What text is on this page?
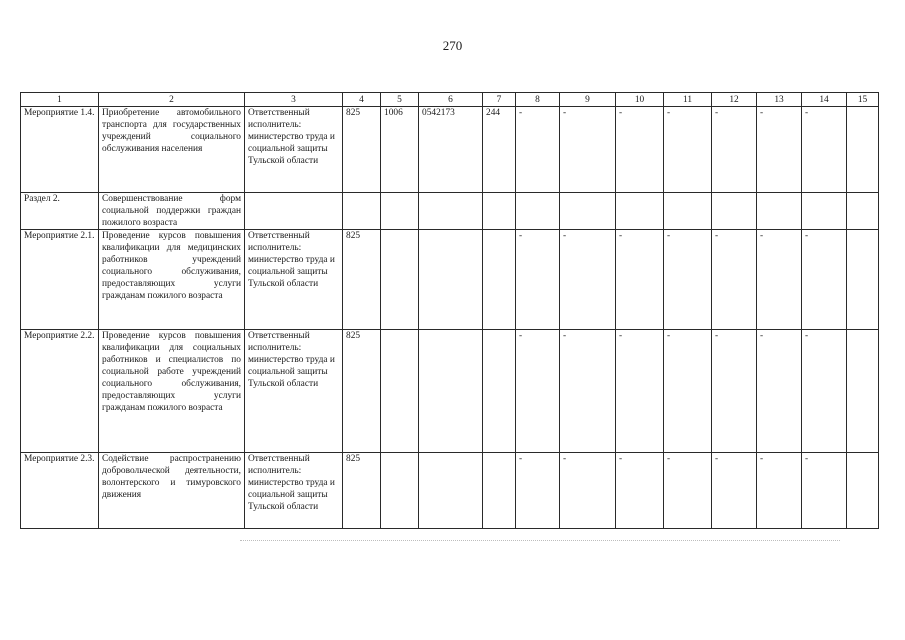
270
1	2	3	4	5	6	7	8	9	10	11	12	13	14	15
Мероприятие 1.4.	Приобретение автомобильного транспорта для государственных учреждений социального обслуживания населения	Ответственный исполнитель: министерство труда и социальной защиты Тульской области	825	1006	0542173	244	-	-	-	-	-	-	-	
Раздел 2.	Совершенствование форм социальной поддержки граждан пожилого возраста													
Мероприятие 2.1.	Проведение курсов повышения квалификации для медицинских работников учреждений социального обслуживания, предоставляющих услуги гражданам пожилого возраста	Ответственный исполнитель: министерство труда и социальной защиты Тульской области	825				-	-	-	-	-	-	-	
Мероприятие 2.2.	Проведение курсов повышения квалификации для социальных работников и специалистов по социальной работе учреждений социального обслуживания, предоставляющих услуги гражданам пожилого возраста	Ответственный исполнитель: министерство труда и социальной защиты Тульской области	825				-	-	-	-	-	-	-	
Мероприятие 2.3.	Содействие распространению добровольческой деятельности, волонтерского и тимуровского движения	Ответственный исполнитель: министерство труда и социальной защиты Тульской области	825				-	-	-	-	-	-	-	
